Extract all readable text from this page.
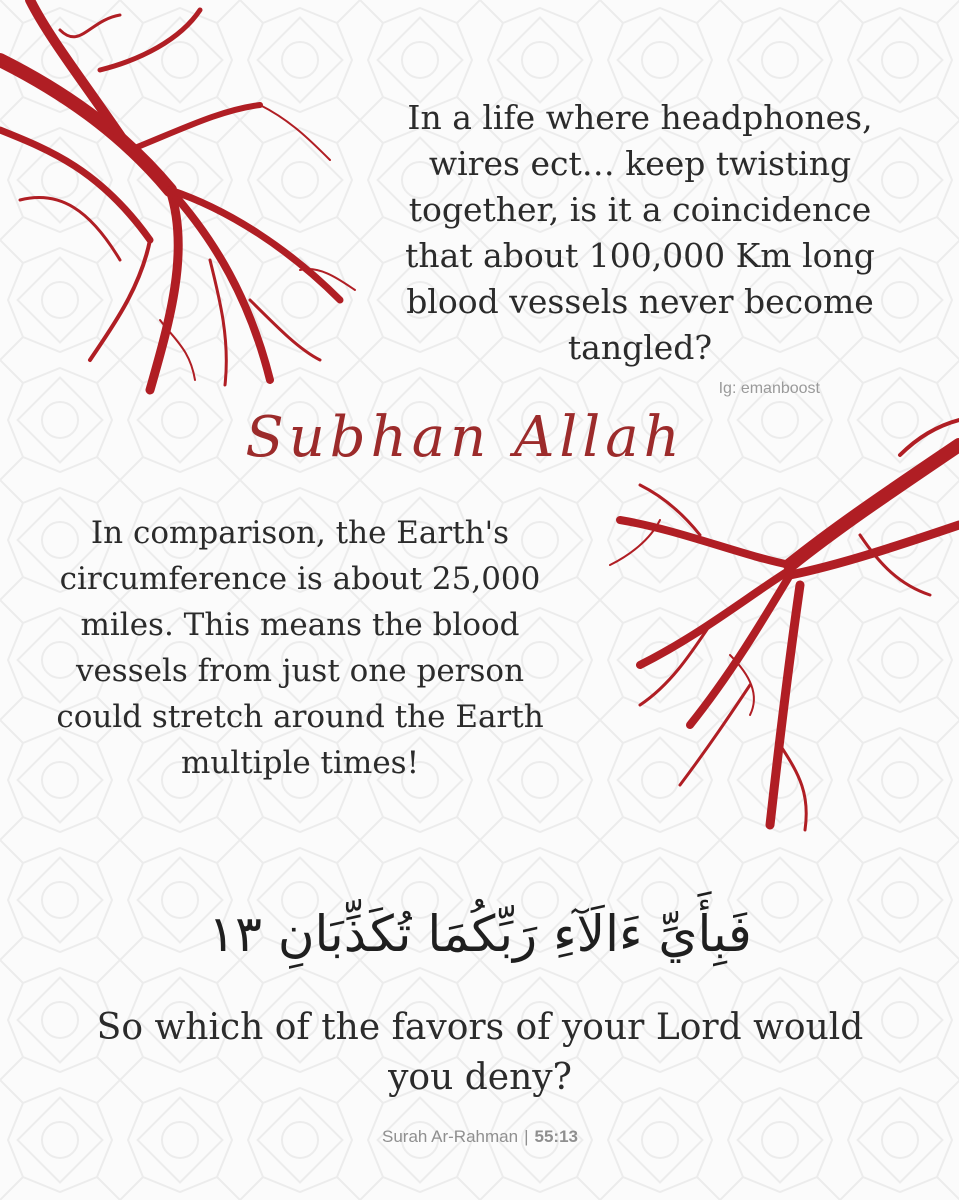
In a life where headphones, wires ect… keep twisting together, is it a coincidence that about 100,000 Km long blood vessels never become tangled?

Ig: emanboost
Subhan Allah

In comparison, the Earth's circumference is about 25,000 miles. This means the blood vessels from just one person could stretch around the Earth multiple times!

فَبِأَيِّ ءَالَآءِ رَبِّكُمَا تُكَذِّبَانِ ١٣

So which of the favors of your Lord would you deny?

Surah Ar-Rahman | 55:13
